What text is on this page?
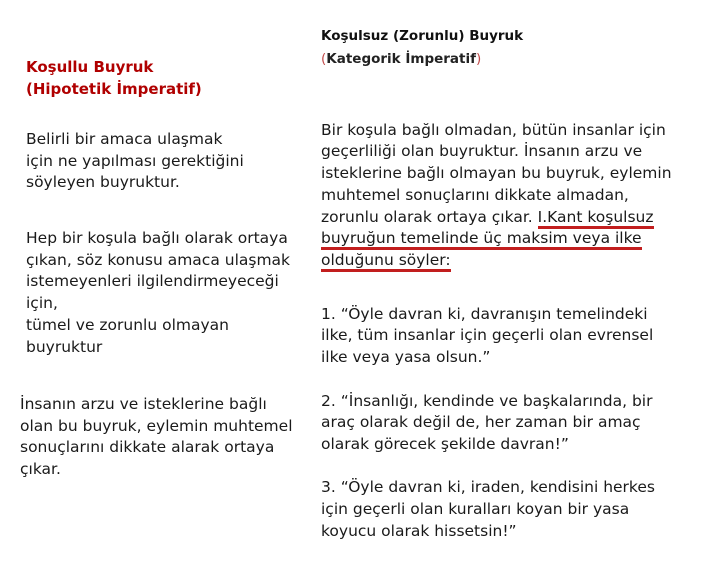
Koşullu Buyruk
(Hipotetik İmperatif)
Belirli bir amaca ulaşmak
için ne yapılması gerektiğini
söyleyen buyruktur.
Hep bir koşula bağlı olarak ortaya
çıkan, söz konusu amaca ulaşmak
istemeyenleri ilgilendirmeyeceği
için,
tümel ve zorunlu olmayan
buyruktur
İnsanın arzu ve isteklerine bağlı
olan bu buyruk, eylemin muhtemel
sonuçlarını dikkate alarak ortaya
çıkar.
Koşulsuz (Zorunlu) Buyruk
(Kategorik İmperatif)

Bir koşula bağlı olmadan, bütün insanlar için
geçerliliği olan buyruktur. İnsanın arzu ve
isteklerine bağlı olmayan bu buyruk, eylemin
muhtemel sonuçlarını dikkate almadan,
zorunlu olarak ortaya çıkar. I.Kant koşulsuz
buyruğun temelinde üç maksim veya ilke
olduğunu söyler:

1. “Öyle davran ki, davranışın temelindeki
ilke, tüm insanlar için geçerli olan evrensel
ilke veya yasa olsun.”

2. “İnsanlığı, kendinde ve başkalarında, bir
araç olarak değil de, her zaman bir amaç
olarak görecek şekilde davran!”

3. “Öyle davran ki, iraden, kendisini herkes
için geçerli olan kuralları koyan bir yasa
koyucu olarak hissetsin!”
